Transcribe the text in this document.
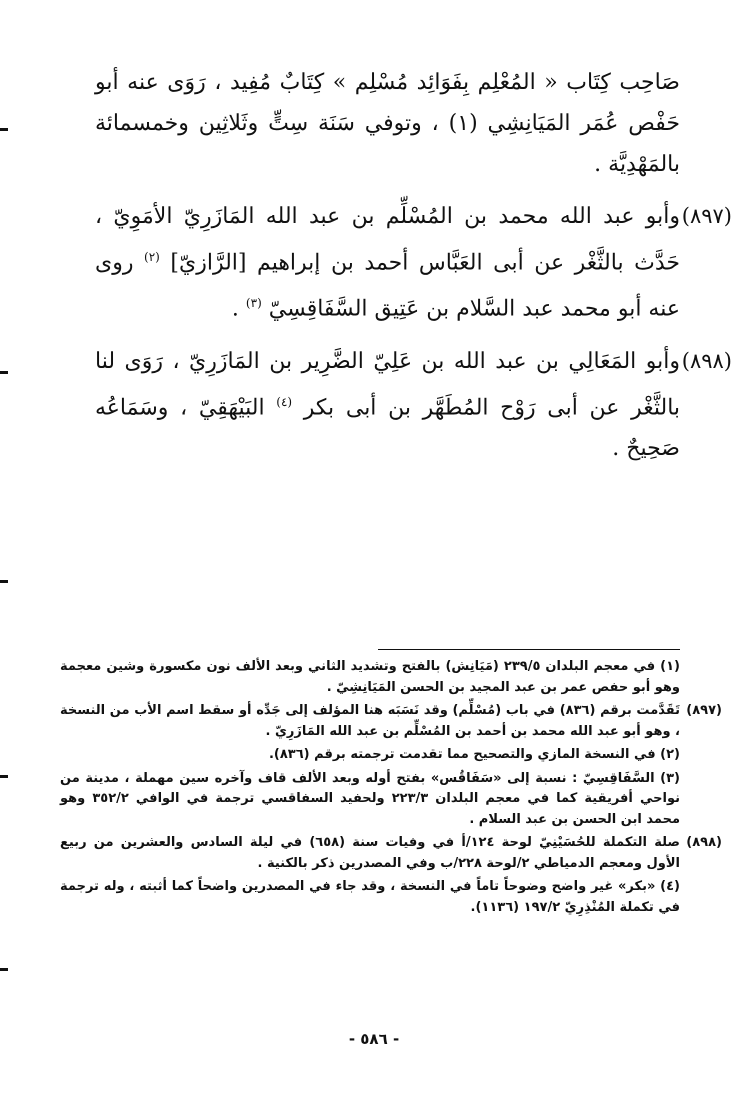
صَاحِب كِتَاب « المُعْلِم بِفَوَائِد مُسْلِم » كِتَابٌ مُفِيد ، رَوَى عنه أبو حَفْص عُمَر المَيَانِشِي (١) ، وتوفي سَنَة سِتٍّ وثَلاثِين وخمسمائة بالمَهْدِيَّة .
(٨٩٧)
وأبو عبد الله محمد بن المُسْلِّم بن عبد الله المَازَرِيّ الأمَوِيّ ، حَدَّث بالثَّغْر عن أبى العَبَّاس أحمد بن إبراهيم [الرَّازيّ] $^{(٢)}$ روى عنه أبو محمد عبد السَّلام بن عَتِيق السَّفَاقِسِيّ $^{(٣)}$ .
(٨٩٨)
وأبو المَعَالِي بن عبد الله بن عَلِيّ الضَّرِير بن المَازَرِيّ ، رَوَى لنا بالثَّغْر عن أبى رَوْح المُطَهَّر بن أبى بكر $^{(٤)}$ البَيْهَقِيّ ، وسَمَاعُه صَحِيحٌ .
(١) في معجم البلدان ٢٣٩/٥ (مَيَانِش) بالفتح وتشديد الثاني وبعد الألف نون مكسورة وشين معجمة وهو أبو حفص عمر بن عبد المجيد بن الحسن المَيَانِشِيّ .
(٨٩٧)
تَقَدَّمت برقم (٨٣٦) في باب (مُسْلِّم) وقد نَسَبَه هنا المؤلف إلى جَدِّه أو سقط اسم الأب من النسخة ، وهو أبو عبد الله محمد بن أحمد بن المُسْلِّم بن عبد الله المَازَرِيّ .
(٢) في النسخة المازي والتصحيح مما تقدمت ترجمته برقم (٨٣٦).
(٣) السَّفَاقِسِيّ : نسبة إلى «سَفَاقُس» بفتح أوله وبعد الألف قاف وآخره سين مهملة ، مدينة من نواحي أفريقية كما في معجم البلدان ٢٢٣/٣ ولحفيد السفاقسي ترجمة في الوافي ٣٥٢/٢ وهو محمد ابن الحسن بن عبد السلام .
(٨٩٨)
صلة التكملة للحُسَيْنِيّ لوحة ١٢٤/أ في وفيات سنة (٦٥٨) في ليلة السادس والعشرين من ربيع الأول ومعجم الدمياطي ٢/لوحة ٢٢٨/ب وفي المصدرين ذكر بالكنية .
(٤) «بكر» غير واضح وضوحاً تاماً في النسخة ، وقد جاء في المصدرين واضحاً كما أثبته ، وله ترجمة في تكملة المُنْذِرِيّ ١٩٧/٢ (١١٣٦).
- ٥٨٦ -
